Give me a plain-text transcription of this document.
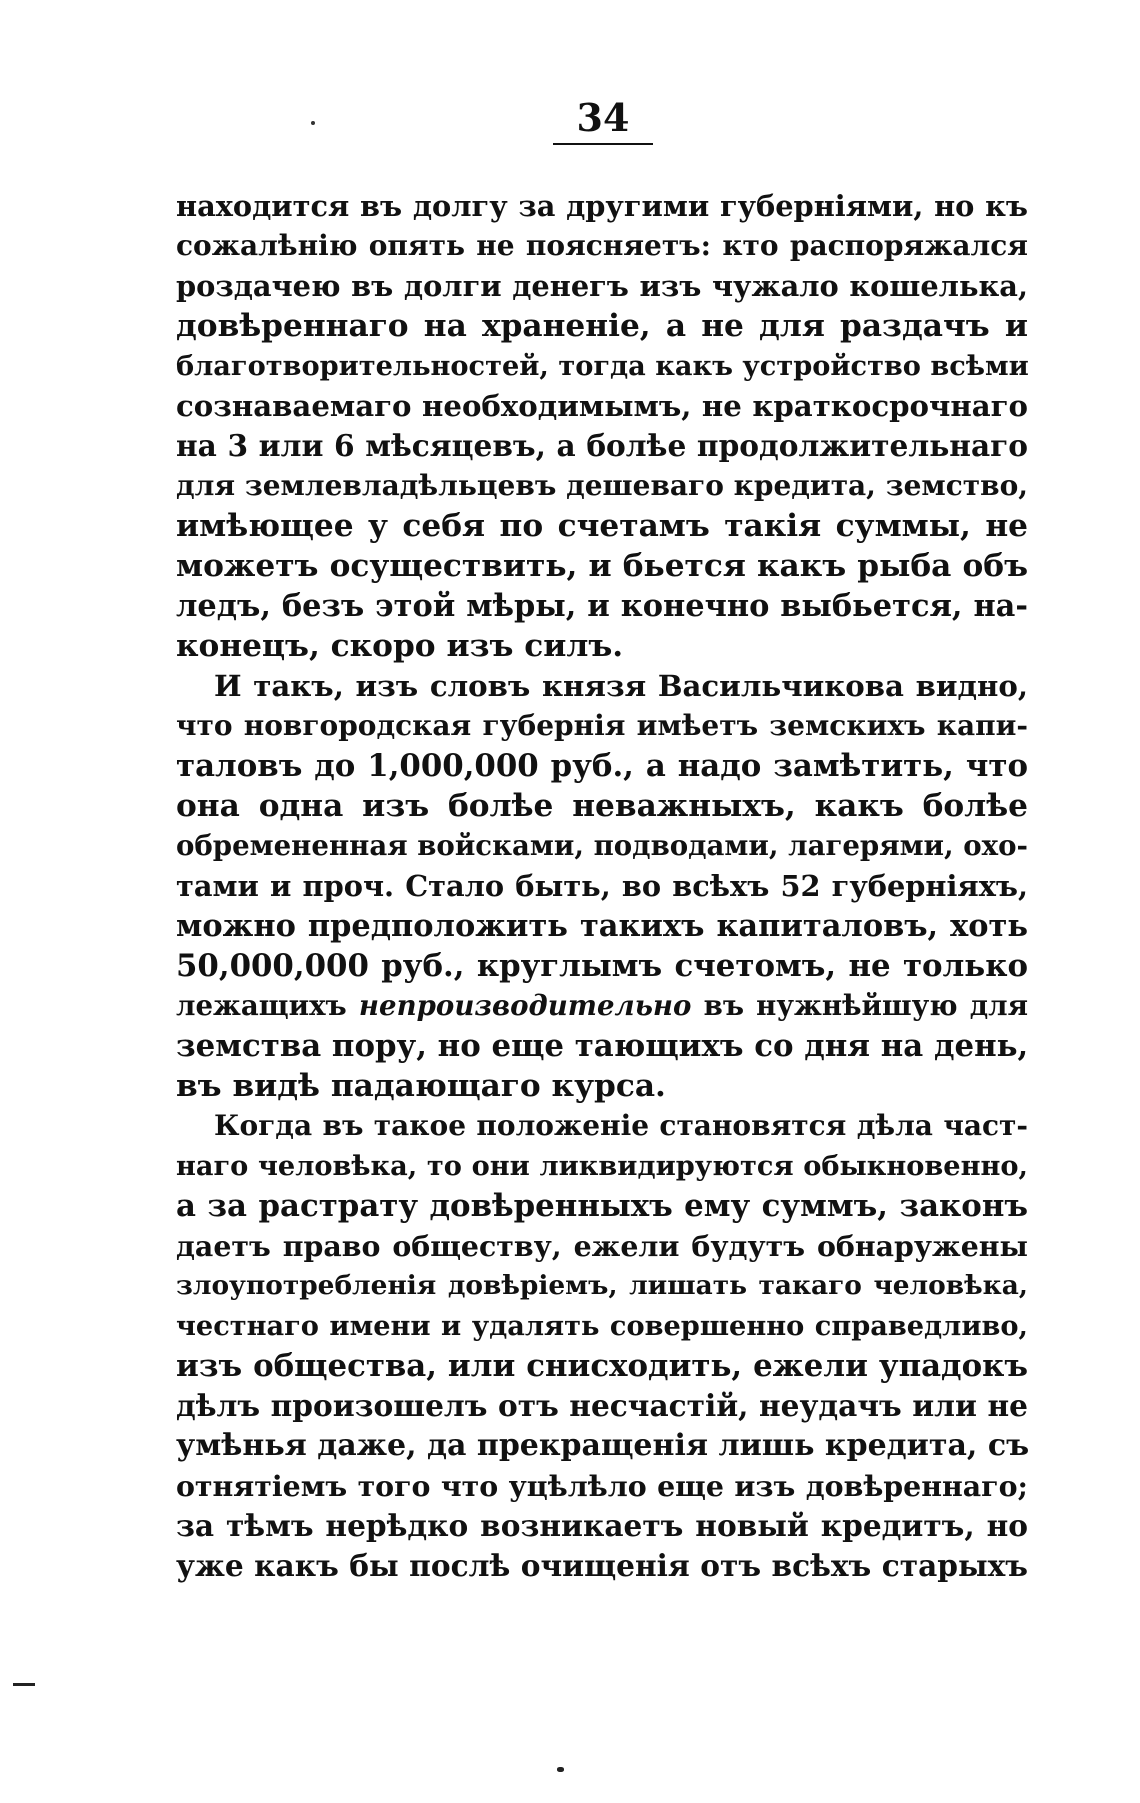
34
находится въ долгу за другими губерніями, но къ
сожалѣнію опять не поясняетъ: кто распоряжался
роздачею въ долги денегъ изъ чужало кошелька,
довѣреннаго на храненіе, а не для раздачъ и
благотворительностей, тогда какъ устройство всѣми
сознаваемаго необходимымъ, не краткосрочнаго
на 3 или 6 мѣсяцевъ, а болѣе продолжительнаго
для землевладѣльцевъ дешеваго кредита, земство,
имѣющее у себя по счетамъ такія суммы, не
можетъ осуществить, и бьется какъ рыба объ
ледъ, безъ этой мѣры, и конечно выбьется, на-
конецъ, скоро изъ силъ.
И такъ, изъ словъ князя Васильчикова видно,
что новгородская губернія имѣетъ земскихъ капи-
таловъ до 1,000,000 руб., а надо замѣтить, что
она одна изъ болѣе неважныхъ, какъ болѣе
обремененная войсками, подводами, лагерями, охо-
тами и проч. Стало быть, во всѣхъ 52 губерніяхъ,
можно предположить такихъ капиталовъ, хоть
50,000,000 руб., круглымъ счетомъ, не только
лежащихъ непроизводительно въ нужнѣйшую для
земства пору, но еще тающихъ со дня на день,
въ видѣ падающаго курса.
Когда въ такое положеніе становятся дѣла част-
наго человѣка, то они ликвидируются обыкновенно,
а за растрату довѣренныхъ ему суммъ, законъ
даетъ право обществу, ежели будутъ обнаружены
злоупотребленія довѣріемъ, лишать такаго человѣка,
честнаго имени и удалять совершенно справедливо,
изъ общества, или снисходить, ежели упадокъ
дѣлъ произошелъ отъ несчастій, неудачъ или не
умѣнья даже, да прекращенія лишь кредита, съ
отнятіемъ того что уцѣлѣло еще изъ довѣреннаго;
за тѣмъ нерѣдко возникаетъ новый кредитъ, но
уже какъ бы послѣ очищенія отъ всѣхъ старыхъ
